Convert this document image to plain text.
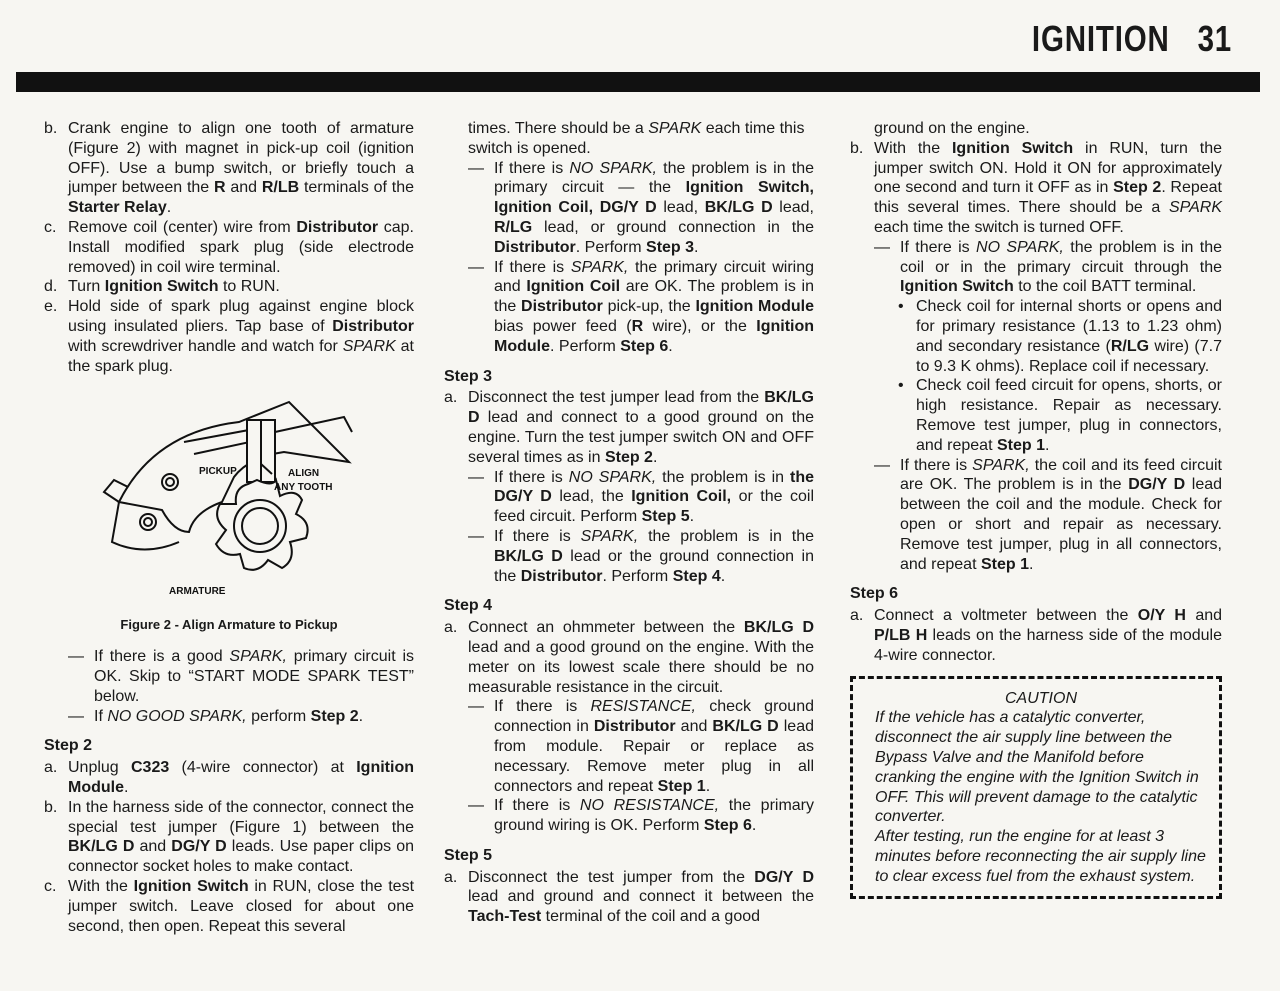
IGNITION 31
b. Crank engine to align one tooth of armature (Figure 2) with magnet in pick-up coil (ignition OFF). Use a bump switch, or briefly touch a jumper between the R and R/LB terminals of the Starter Relay.
c. Remove coil (center) wire from Distributor cap. Install modified spark plug (side electrode removed) in coil wire terminal.
d. Turn Ignition Switch to RUN.
e. Hold side of spark plug against engine block using insulated pliers. Tap base of Distributor with screwdriver handle and watch for SPARK at the spark plug.
PICKUP	ALIGN
ANY TOOTH
ARMATURE

Figure 2 - Align Armature to Pickup

— If there is a good SPARK, primary circuit is OK. Skip to “START MODE SPARK TEST” below.
— If NO GOOD SPARK, perform Step 2.

Step 2

a. Unplug C323 (4-wire connector) at Ignition Module.
b. In the harness side of the connector, connect the special test jumper (Figure 1) between the BK/LG D and DG/Y D leads. Use paper clips on connector socket holes to make contact.
c. With the Ignition Switch in RUN, close the test jumper switch. Leave closed for about one second, then open. Repeat this several

times. There should be a SPARK each time this switch is opened.

— If there is NO SPARK, the problem is in the primary circuit — the Ignition Switch, Ignition Coil, DG/Y D lead, BK/LG D lead, R/LG lead, or ground connection in the Distributor. Perform Step 3.
— If there is SPARK, the primary circuit wiring and Ignition Coil are OK. The problem is in the Distributor pick-up, the Ignition Module bias power feed (R wire), or the Ignition Module. Perform Step 6.

Step 3

a. Disconnect the test jumper lead from the BK/LG D lead and connect to a good ground on the engine. Turn the test jumper switch ON and OFF several times as in Step 2.
— If there is NO SPARK, the problem is in the DG/Y D lead, the Ignition Coil, or the coil feed circuit. Perform Step 5.
— If there is SPARK, the problem is in the BK/LG D lead or the ground connection in the Distributor. Perform Step 4.

Step 4

a. Connect an ohmmeter between the BK/LG D lead and a good ground on the engine. With the meter on its lowest scale there should be no measurable resistance in the circuit.
— If there is RESISTANCE, check ground connection in Distributor and BK/LG D lead from module. Repair or replace as necessary. Remove meter plug in all connectors and repeat Step 1.
— If there is NO RESISTANCE, the primary ground wiring is OK. Perform Step 6.

Step 5

a. Disconnect the test jumper from the DG/Y D lead and ground and connect it between the Tach-Test terminal of the coil and a good

ground on the engine.

b. With the Ignition Switch in RUN, turn the jumper switch ON. Hold it ON for approximately one second and turn it OFF as in Step 2. Repeat this several times. There should be a SPARK each time the switch is turned OFF.
— If there is NO SPARK, the problem is in the coil or in the primary circuit through the Ignition Switch to the coil BATT terminal.
• Check coil for internal shorts or opens and for primary resistance (1.13 to 1.23 ohm) and secondary resistance (R/LG wire) (7.7 to 9.3 K ohms). Replace coil if necessary.
• Check coil feed circuit for opens, shorts, or high resistance. Repair as necessary. Remove test jumper, plug in connectors, and repeat Step 1.
— If there is SPARK, the coil and its feed circuit are OK. The problem is in the DG/Y D lead between the coil and the module. Check for open or short and repair as necessary. Remove test jumper, plug in all connectors, and repeat Step 1.

Step 6

a. Connect a voltmeter between the O/Y H and P/LB H leads on the harness side of the module 4-wire connector.

CAUTION

If the vehicle has a catalytic converter, disconnect the air supply line between the Bypass Valve and the Manifold before cranking the engine with the Ignition Switch in OFF. This will prevent damage to the catalytic converter.

After testing, run the engine for at least 3 minutes before reconnecting the air supply line to clear excess fuel from the exhaust system.
